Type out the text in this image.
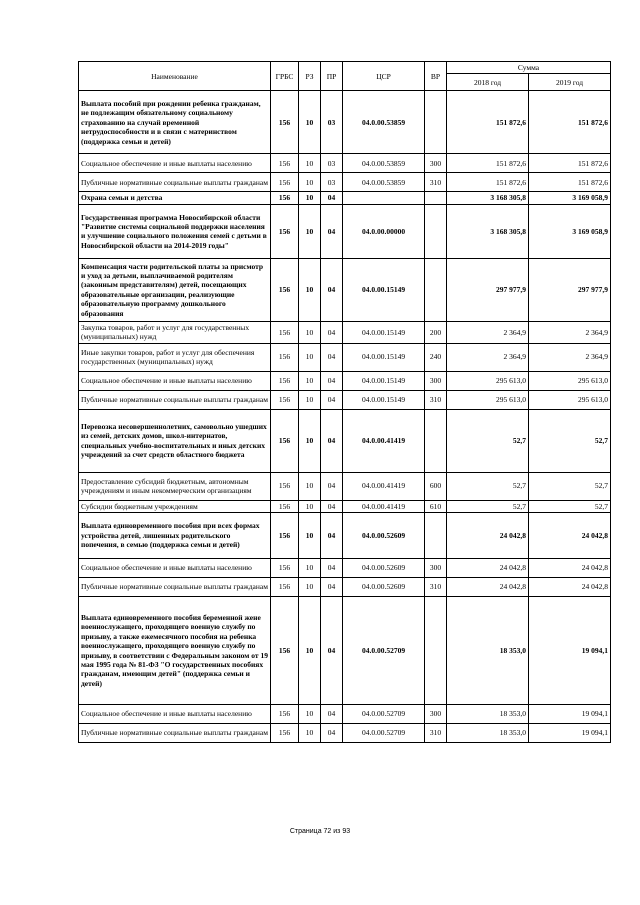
Наименование	ГРБС	РЗ	ПР	ЦСР	ВР	Сумма	
						2018 год	2019 год
Выплата пособий при рождении ребенка гражданам, не подлежащим обязательному социальному страхованию на случай временной нетрудоспособности и в связи с материнством (поддержка семьи и детей)	156	10	03	04.0.00.53859		151 872,6	151 872,6
Социальное обеспечение и иные выплаты населению	156	10	03	04.0.00.53859	300	151 872,6	151 872,6
Публичные нормативные социальные выплаты гражданам	156	10	03	04.0.00.53859	310	151 872,6	151 872,6
Охрана семьи и детства	156	10	04			3 168 305,8	3 169 058,9
Государственная программа Новосибирской области "Развитие системы социальной поддержки населения и улучшение социального положения семей с детьми в Новосибирской области на 2014-2019 годы"	156	10	04	04.0.00.00000		3 168 305,8	3 169 058,9
Компенсация части родительской платы за присмотр и уход за детьми, выплачиваемой родителям (законным представителям) детей, посещающих образовательные организации, реализующие образовательную программу дошкольного образования	156	10	04	04.0.00.15149		297 977,9	297 977,9
Закупка товаров, работ и услуг для государственных (муниципальных) нужд	156	10	04	04.0.00.15149	200	2 364,9	2 364,9
Иные закупки товаров, работ и услуг для обеспечения государственных (муниципальных) нужд	156	10	04	04.0.00.15149	240	2 364,9	2 364,9
Социальное обеспечение и иные выплаты населению	156	10	04	04.0.00.15149	300	295 613,0	295 613,0
Публичные нормативные социальные выплаты гражданам	156	10	04	04.0.00.15149	310	295 613,0	295 613,0
Перевозка несовершеннолетних, самовольно ушедших из семей, детских домов, школ-интернатов, специальных учебно-воспитательных и иных детских учреждений за счет средств областного бюджета	156	10	04	04.0.00.41419		52,7	52,7
Предоставление субсидий бюджетным, автономным учреждениям и иным некоммерческим организациям	156	10	04	04.0.00.41419	600	52,7	52,7
Субсидии бюджетным учреждениям	156	10	04	04.0.00.41419	610	52,7	52,7
Выплата единовременного пособия при всех формах устройства детей, лишенных родительского попечения, в семью (поддержка семьи и детей)	156	10	04	04.0.00.52609		24 042,8	24 042,8
Социальное обеспечение и иные выплаты населению	156	10	04	04.0.00.52609	300	24 042,8	24 042,8
Публичные нормативные социальные выплаты гражданам	156	10	04	04.0.00.52609	310	24 042,8	24 042,8
Выплата единовременного пособия беременной жене военнослужащего, проходящего военную службу по призыву, а также ежемесячного пособия на ребенка военнослужащего, проходящего военную службу по призыву, в соответствии с Федеральным законом от 19 мая 1995 года № 81-ФЗ "О государственных пособиях гражданам, имеющим детей" (поддержка семьи и детей)	156	10	04	04.0.00.52709		18 353,0	19 094,1
Социальное обеспечение и иные выплаты населению	156	10	04	04.0.00.52709	300	18 353,0	19 094,1
Публичные нормативные социальные выплаты гражданам	156	10	04	04.0.00.52709	310	18 353,0	19 094,1
Страница 72 из 93
